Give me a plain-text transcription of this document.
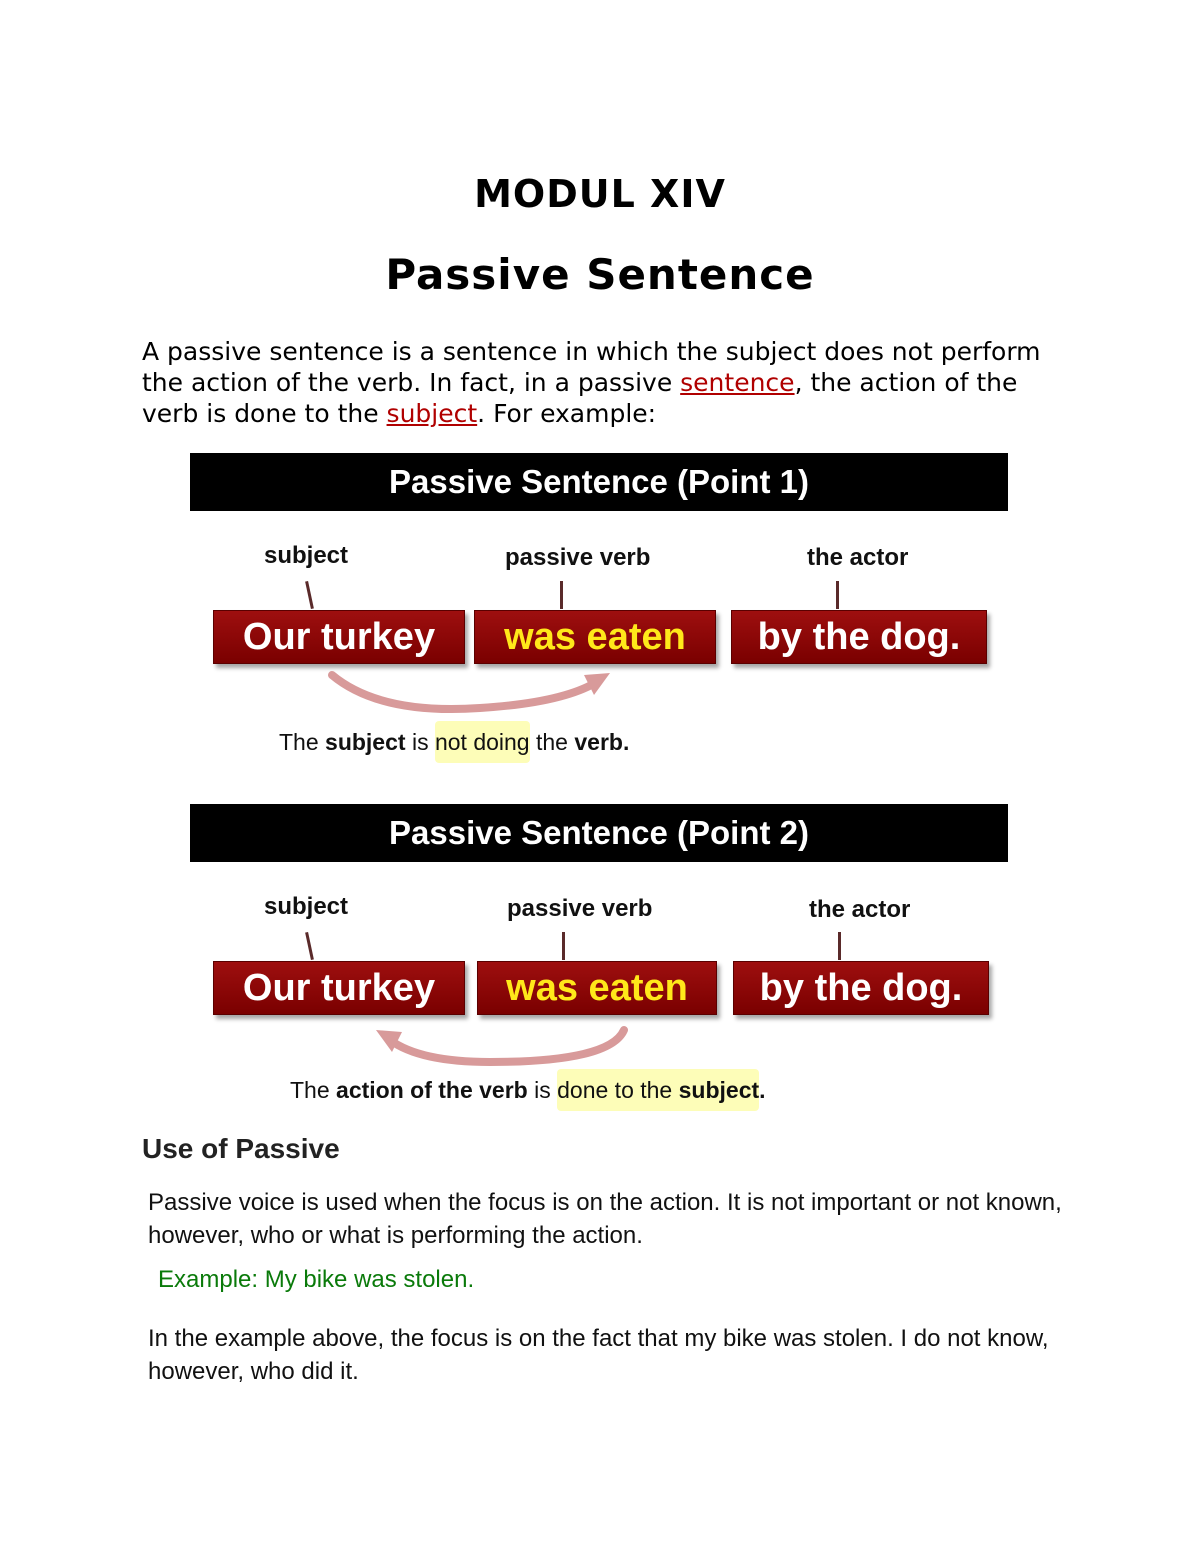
MODUL XIV
Passive Sentence
A passive sentence is a sentence in which the subject does not perform the action of the verb. In fact, in a passive sentence, the action of the verb is done to the subject. For example:
Passive Sentence (Point 1)
subject	passive verb	the actor
Our turkey	was eaten	by the dog.
The subject is not doing the verb.
Passive Sentence (Point 2)
subject	passive verb	the actor
Our turkey	was eaten	by the dog.
The action of the verb is done to the subject.
Use of Passive
Passive voice is used when the focus is on the action. It is not important or not known, however, who or what is performing the action.
Example: My bike was stolen.
In the example above, the focus is on the fact that my bike was stolen. I do not know, however, who did it.
